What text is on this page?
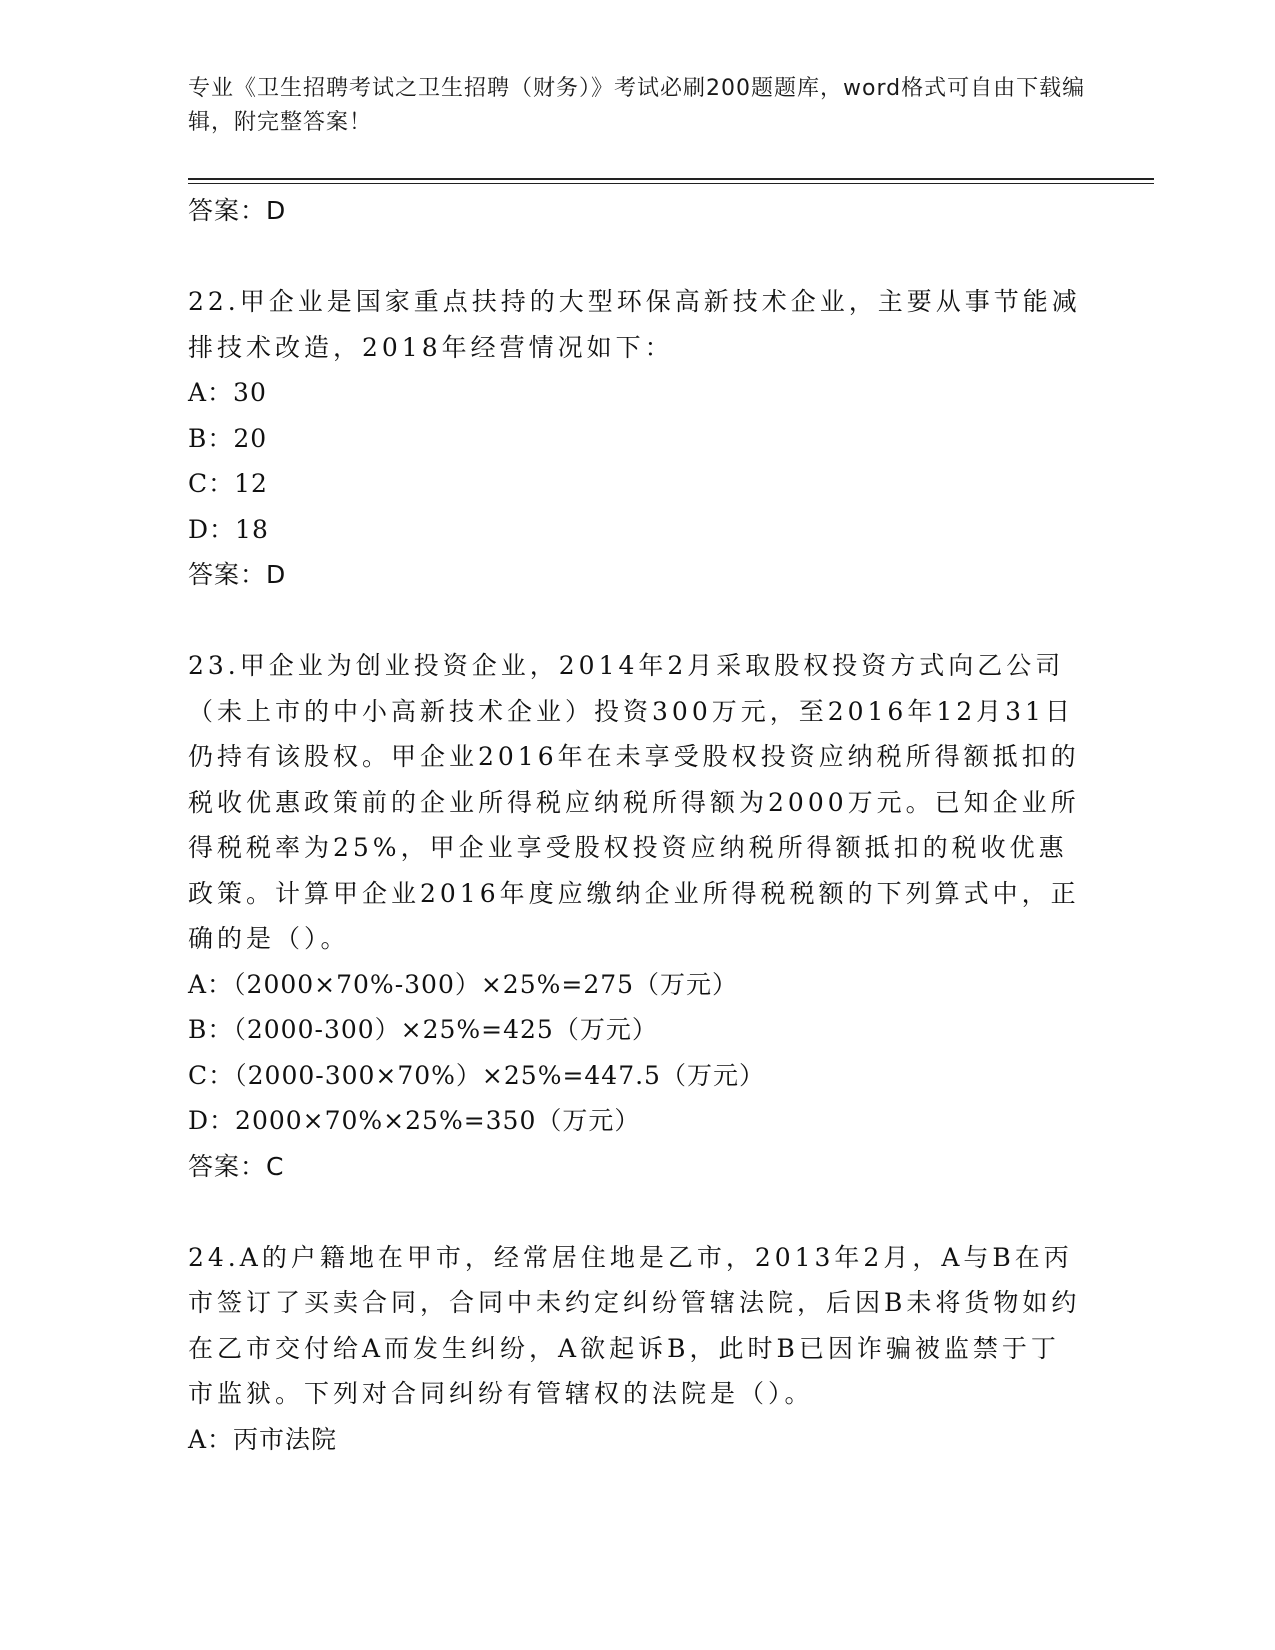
专业《卫生招聘考试之卫生招聘（财务）》考试必刷200题题库，word格式可自由下载编辑，附完整答案！
答案：D
22.甲企业是国家重点扶持的大型环保高新技术企业，主要从事节能减排技术改造，2018年经营情况如下：
A：30
B：20
C：12
D：18
答案：D
23.甲企业为创业投资企业，2014年2月采取股权投资方式向乙公司（未上市的中小高新技术企业）投资300万元，至2016年12月31日仍持有该股权。甲企业2016年在未享受股权投资应纳税所得额抵扣的税收优惠政策前的企业所得税应纳税所得额为2000万元。已知企业所得税税率为25%，甲企业享受股权投资应纳税所得额抵扣的税收优惠政策。计算甲企业2016年度应缴纳企业所得税税额的下列算式中，正确的是（）。
A：（2000×70%-300）×25%=275（万元）
B：（2000-300）×25%=425（万元）
C：（2000-300×70%）×25%=447.5（万元）
D：2000×70%×25%=350（万元）
答案：C
24.A的户籍地在甲市，经常居住地是乙市，2013年2月，A与B在丙市签订了买卖合同，合同中未约定纠纷管辖法院，后因B未将货物如约在乙市交付给A而发生纠纷，A欲起诉B，此时B已因诈骗被监禁于丁市监狱。下列对合同纠纷有管辖权的法院是（）。
A：丙市法院
